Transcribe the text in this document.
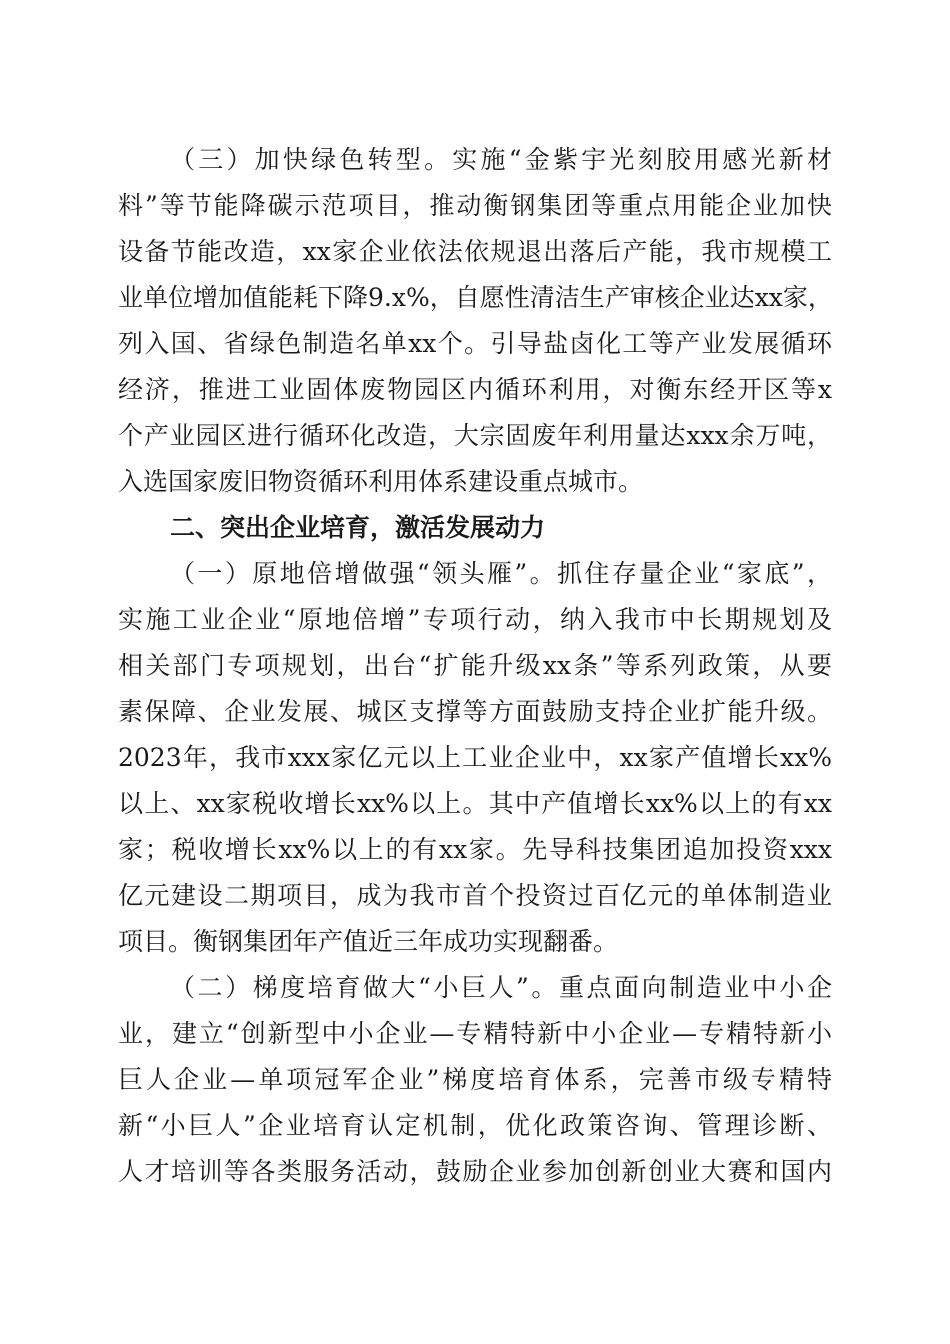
（三）加快绿色转型。实施“金紫宇光刻胶用感光新材
料”等节能降碳示范项目，推动衡钢集团等重点用能企业加快
设备节能改造，xx家企业依法依规退出落后产能，我市规模工
业单位增加值能耗下降9.x%，自愿性清洁生产审核企业达xx家，
列入国、省绿色制造名单xx个。引导盐卤化工等产业发展循环
经济，推进工业固体废物园区内循环利用，对衡东经开区等x
个产业园区进行循环化改造，大宗固废年利用量达xxx余万吨，
入选国家废旧物资循环利用体系建设重点城市。
二、突出企业培育，激活发展动力
（一）原地倍增做强“领头雁”。抓住存量企业“家底”，
实施工业企业“原地倍增”专项行动，纳入我市中长期规划及
相关部门专项规划，出台“扩能升级xx条”等系列政策，从要
素保障、企业发展、城区支撑等方面鼓励支持企业扩能升级。
2023年，我市xxx家亿元以上工业企业中，xx家产值增长xx%
以上、xx家税收增长xx%以上。其中产值增长xx%以上的有xx
家；税收增长xx%以上的有xx家。先导科技集团追加投资xxx
亿元建设二期项目，成为我市首个投资过百亿元的单体制造业
项目。衡钢集团年产值近三年成功实现翻番。
（二）梯度培育做大“小巨人”。重点面向制造业中小企
业，建立“创新型中小企业—专精特新中小企业—专精特新小
巨人企业—单项冠军企业”梯度培育体系，完善市级专精特
新“小巨人”企业培育认定机制，优化政策咨询、管理诊断、
人才培训等各类服务活动，鼓励企业参加创新创业大赛和国内
